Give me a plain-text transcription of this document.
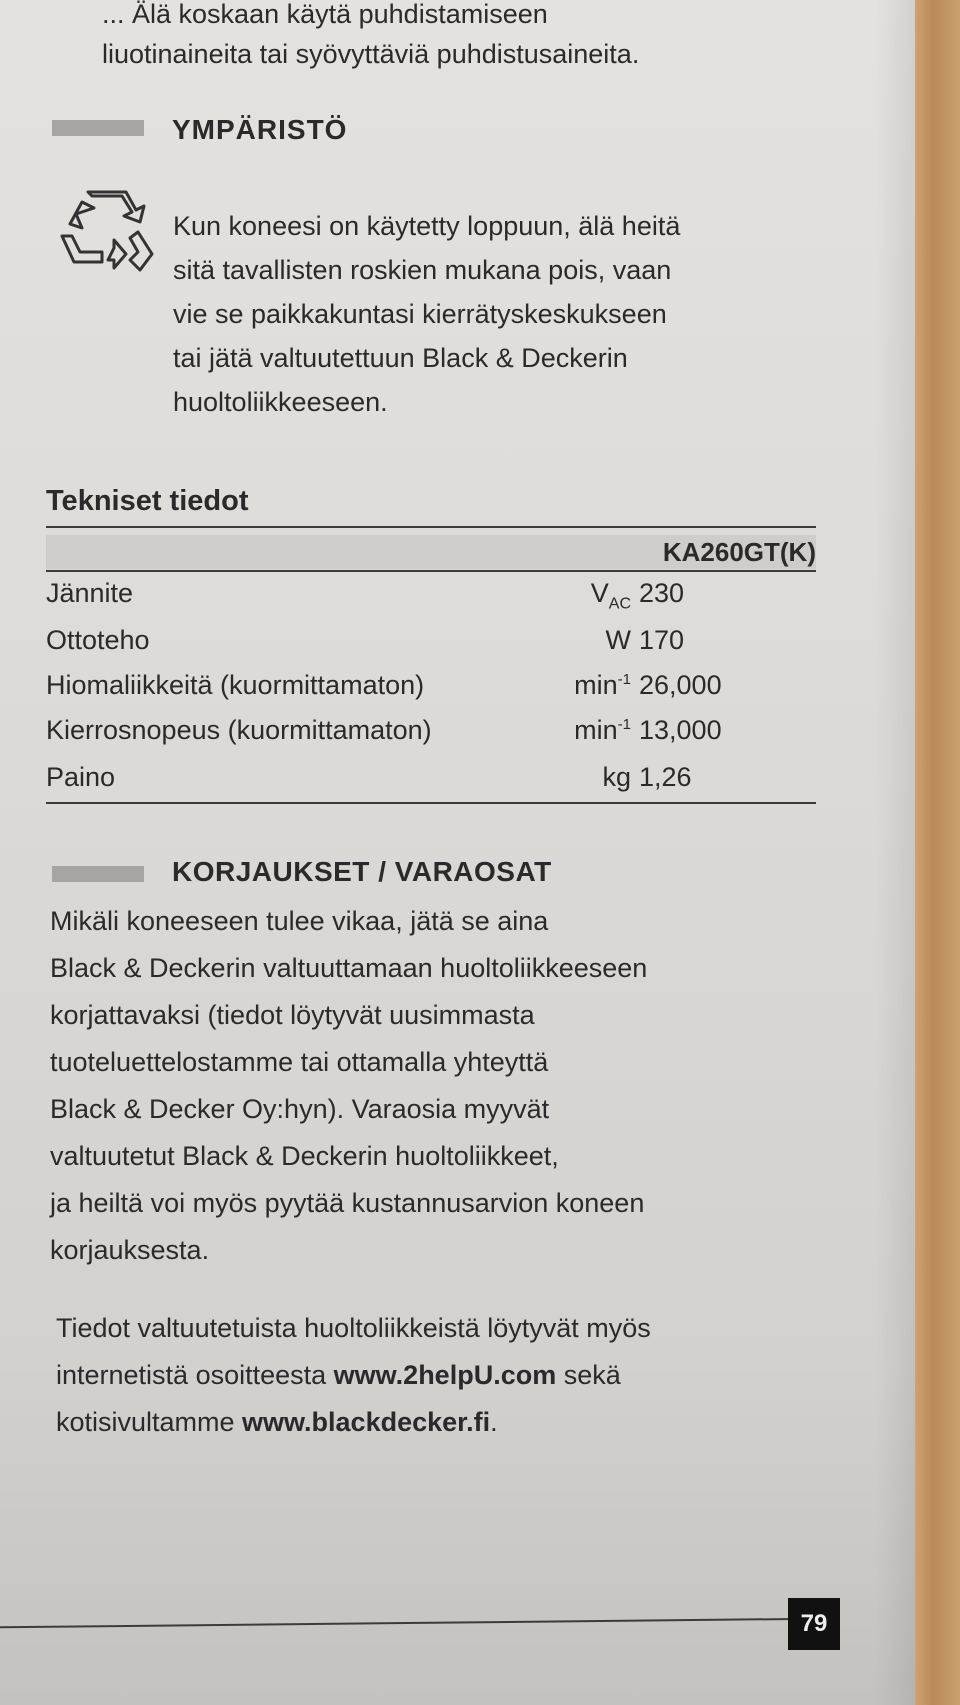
... Älä koskaan käytä puhdistamiseen
liuotinaineita tai syövyttäviä puhdistusaineita.
YMPÄRISTÖ
Kun koneesi on käytetty loppuun, älä heitä
sitä tavallisten roskien mukana pois, vaan
vie se paikkakuntasi kierrätyskeskukseen
tai jätä valtuutettuun Black & Deckerin
huoltoliikkeeseen.
Tekniset tiedot
KA260GT(K)
Jännite	$V_{AC}$ 230
Ottoteho	W 170
Hiomaliikkeitä (kuormittamaton)	$\min^{-1} 26,000$
Kierrosnopeus (kuormittamaton)	$\min^{-1} 13,000$
Paino	kg 1,26
KORJAUKSET / VARAOSAT
Mikäli koneeseen tulee vikaa, jätä se aina
Black & Deckerin valtuuttamaan huoltoliikkeeseen
korjattavaksi (tiedot löytyvät uusimmasta
tuoteluettelostamme tai ottamalla yhteyttä
Black & Decker Oy:hyn). Varaosia myyvät
valtuutetut Black & Deckerin huoltoliikkeet,
ja heiltä voi myös pyytää kustannusarvion koneen
korjauksesta.
Tiedot valtuutetuista huoltoliikkeistä löytyvät myös
internetistä osoitteesta www.2helpU.com sekä
kotisivultamme www.blackdecker.fi.
79
